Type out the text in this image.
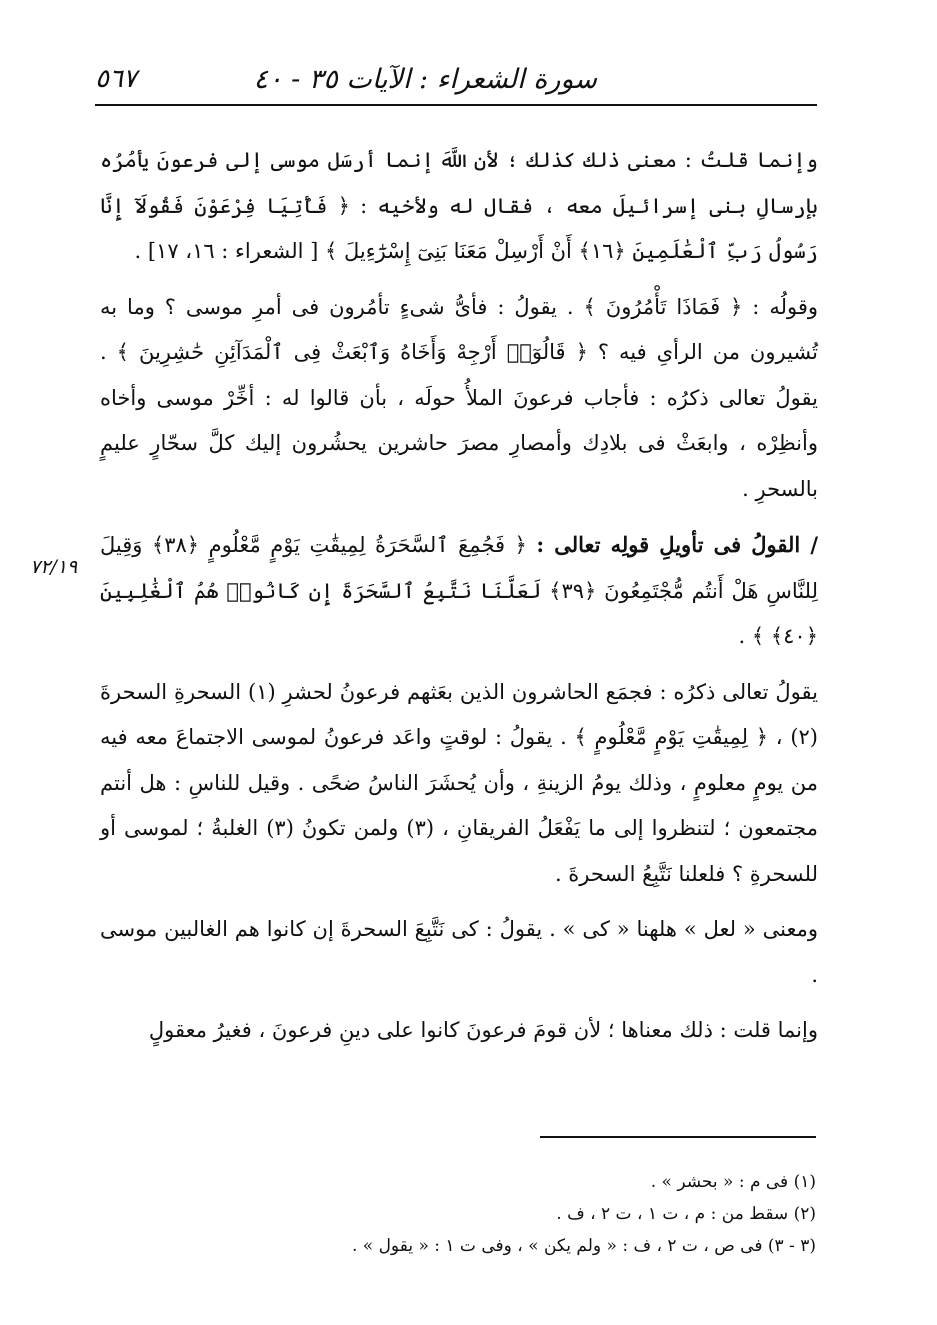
سورة الشعراء : الآيات ٣٥ - ٤٠
٥٦٧
٧٢/١٩

وإنما قلتُ : معنى ذلك كذلك ؛ لأن اللَّهَ إنما أرسَل موسى إلى فرعونَ يأمُرُه بإرسالِ بنى إسرائيلَ معه ، فقال له ولأخيه : ﴿ فَأْتِيَا فِرْعَوْنَ فَقُولَآ إِنَّا رَسُولُ رَبِّ ٱلْعَٰلَمِينَ ﴿١٦﴾ أَنْ أَرْسِلْ مَعَنَا بَنِىٓ إِسْرَٰٓءِيلَ ﴾ [ الشعراء : ١٦، ١٧] .

وقولُه : ﴿ فَمَاذَا تَأْمُرُونَ ﴾ . يقولُ : فأىُّ شىءٍ تأمُرون فى أمرِ موسى ؟ وما به تُشيرون من الرأىِ فيه ؟ ﴿ قَالُوٓا۟ أَرْجِهْ وَأَخَاهُ وَٱبْعَثْ فِى ٱلْمَدَآئِنِ حَٰشِرِينَ ﴾ . يقولُ تعالى ذكرُه : فأجاب فرعونَ الملأُ حولَه ، بأن قالوا له : أخِّرْ موسى وأخاه وأنظِرْه ، وابعَثْ فى بلادِك وأمصارِ مصرَ حاشرين يحشُرون إليك كلَّ سحّارٍ عليمٍ بالسحرِ .

/ القولُ فى تأويلِ قولِه تعالى : ﴿ فَجُمِعَ ٱلسَّحَرَةُ لِمِيقَٰتِ يَوْمٍ مَّعْلُومٍ ﴿٣٨﴾ وَقِيلَ لِلنَّاسِ هَلْ أَنتُم مُّجْتَمِعُونَ ﴿٣٩﴾ لَعَلَّنَا نَتَّبِعُ ٱلسَّحَرَةَ إِن كَانُوا۟ هُمُ ٱلْغَٰلِبِينَ ﴿٤٠﴾ ﴾ .

يقولُ تعالى ذكرُه : فجمَع الحاشرون الذين بعَثهم فرعونُ لحشرِ (١) السحرةِ السحرةَ (٢) ، ﴿ لِمِيقَٰتِ يَوْمٍ مَّعْلُومٍ ﴾ . يقولُ : لوقتٍ واعَد فرعونُ لموسى الاجتماعَ معه فيه من يومٍ معلومٍ ، وذلك يومُ الزينةِ ، وأن يُحشَرَ الناسُ ضحًى . وقيل للناسِ : هل أنتم مجتمعون ؛ لتنظروا إلى ما يَفْعَلُ الفريقانِ ، (٣) ولمن تكونُ (٣) الغلبةُ ؛ لموسى أو للسحرةِ ؟ فلعلنا نَتَّبِعُ السحرةَ .

ومعنى « لعل » هلهنا « كى » . يقولُ : كى نَتَّبِعَ السحرةَ إن كانوا هم الغالبين موسى .

وإنما قلت : ذلك معناها ؛ لأن قومَ فرعونَ كانوا على دينِ فرعونَ ، فغيرُ معقولٍ

(١) فى م : « بحشر » .
(٢) سقط من : م ، ت ١ ، ت ٢ ، ف .
(٣ - ٣) فى ص ، ت ٢ ، ف : « ولم يكن » ، وفى ت ١ : « يقول » .
